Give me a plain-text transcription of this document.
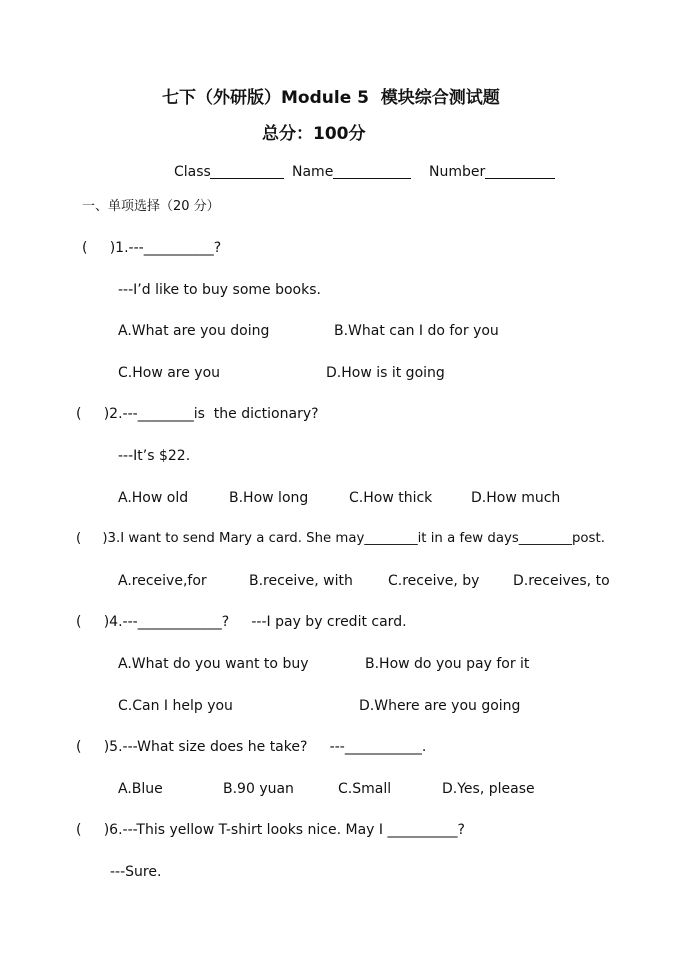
七下（外研版）Module 5  模块综合测试题
总分：100分
Class	Name	Number
一、单项选择（20 分）
(     )1.---__________?
---I’d like to buy some books.
A.What are you doing	B.What can I do for you
C.How are you	D.How is it going
(     )2.---________is  the dictionary?
---It’s $22.
A.How old	B.How long	C.How thick	D.How much
(     )3.I want to send Mary a card. She may________it in a few days________post.
A.receive,for	B.receive, with	C.receive, by D.receives, to
(     )4.---____________?     ---I pay by credit card.
A.What do you want to buy	B.How do you pay for it
C.Can I help you	D.Where are you going
(     )5.---What size does he take?     ---___________.
A.Blue	B.90 yuan	C.Small	D.Yes, please
(     )6.---This yellow T-shirt looks nice. May I __________?
---Sure.
